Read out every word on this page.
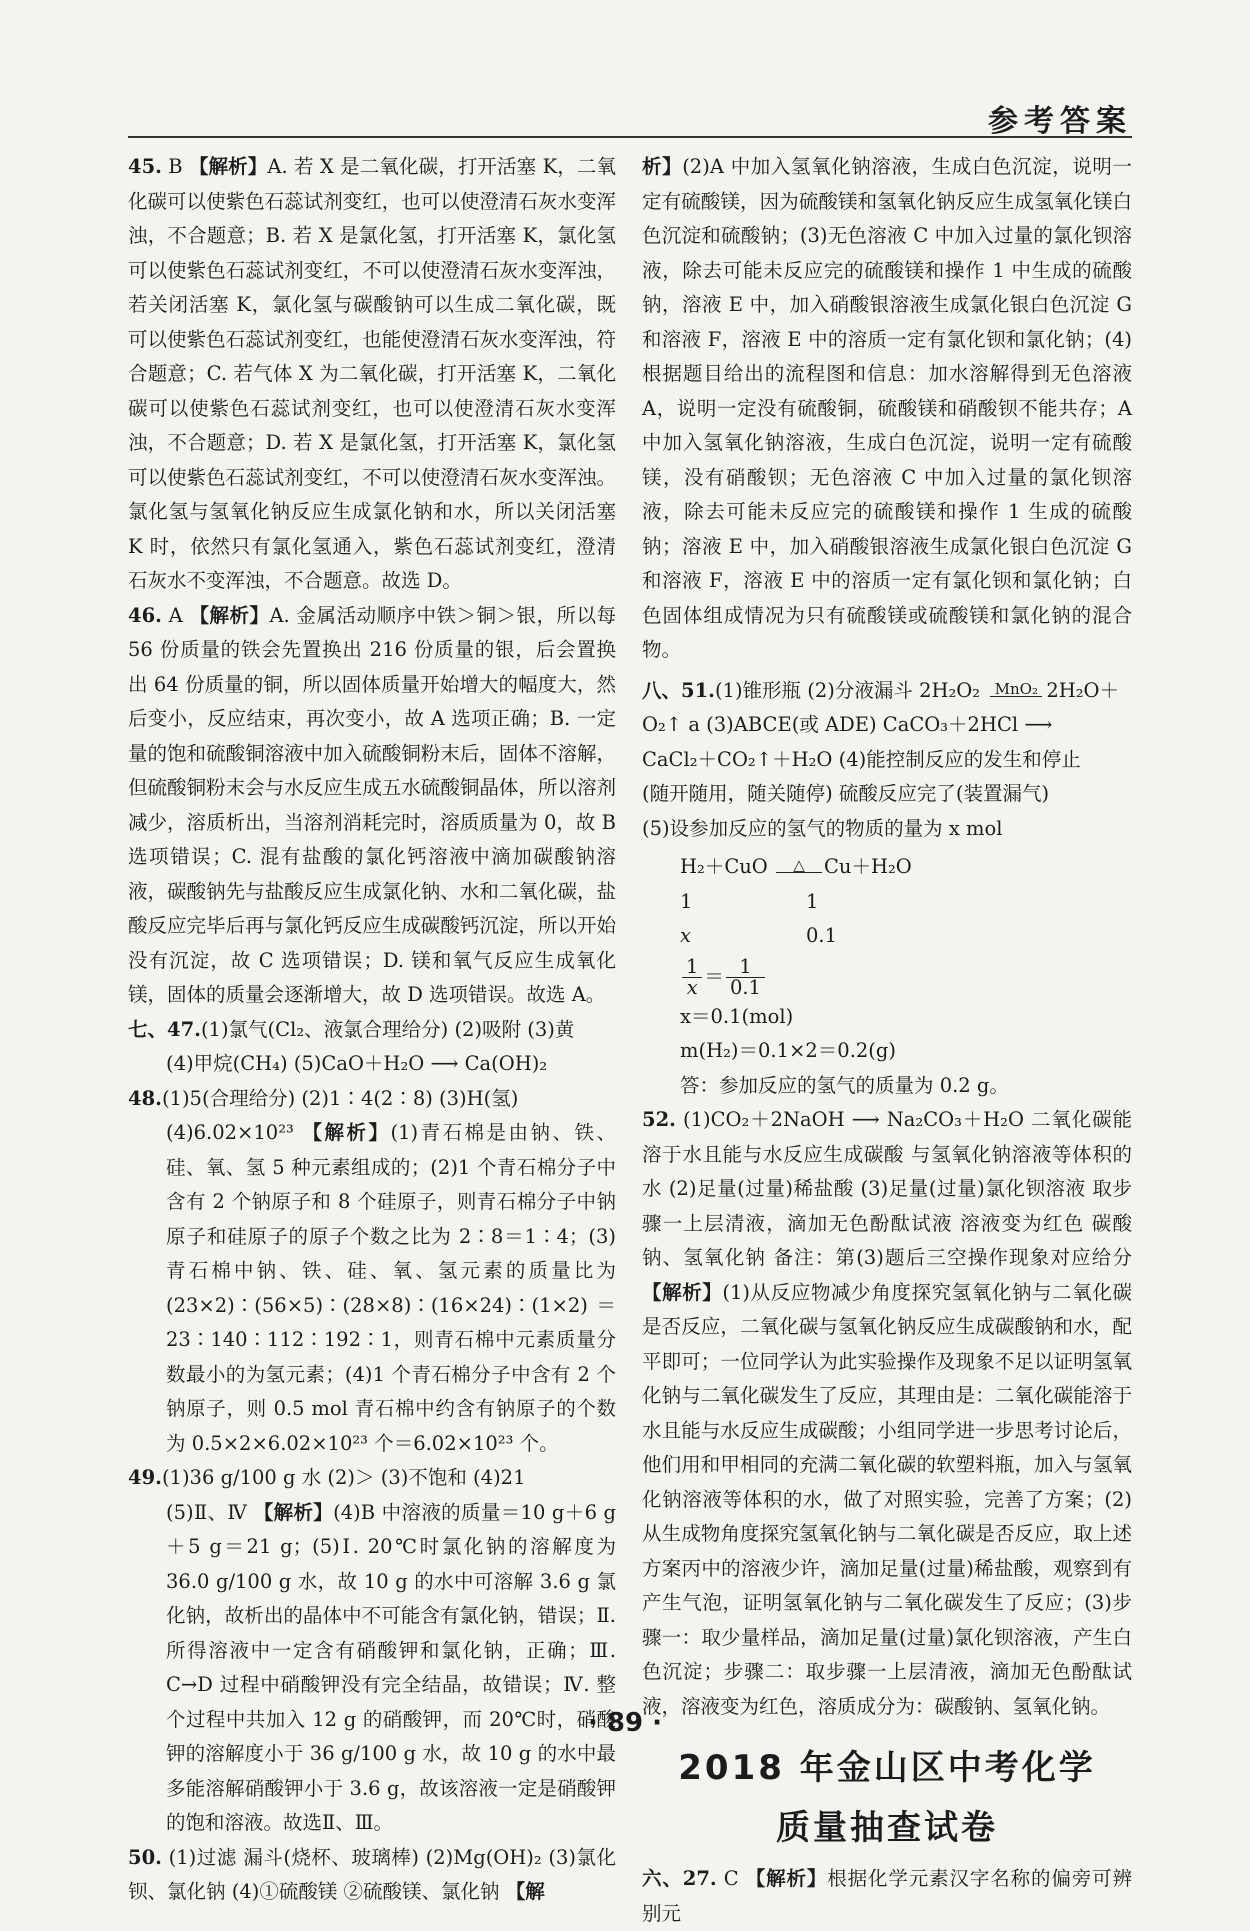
参考答案
45. B 【解析】A. 若 X 是二氧化碳，打开活塞 K，二氧化碳可以使紫色石蕊试剂变红，也可以使澄清石灰水变浑浊，不合题意；B. 若 X 是氯化氢，打开活塞 K，氯化氢可以使紫色石蕊试剂变红，不可以使澄清石灰水变浑浊，若关闭活塞 K，氯化氢与碳酸钠可以生成二氧化碳，既可以使紫色石蕊试剂变红，也能使澄清石灰水变浑浊，符合题意；C. 若气体 X 为二氧化碳，打开活塞 K，二氧化碳可以使紫色石蕊试剂变红，也可以使澄清石灰水变浑浊，不合题意；D. 若 X 是氯化氢，打开活塞 K，氯化氢可以使紫色石蕊试剂变红，不可以使澄清石灰水变浑浊。氯化氢与氢氧化钠反应生成氯化钠和水，所以关闭活塞 K 时，依然只有氯化氢通入，紫色石蕊试剂变红，澄清石灰水不变浑浊，不合题意。故选 D。
46. A 【解析】A. 金属活动顺序中铁＞铜＞银，所以每 56 份质量的铁会先置换出 216 份质量的银，后会置换出 64 份质量的铜，所以固体质量开始增大的幅度大，然后变小，反应结束，再次变小，故 A 选项正确；B. 一定量的饱和硫酸铜溶液中加入硫酸铜粉末后，固体不溶解，但硫酸铜粉末会与水反应生成五水硫酸铜晶体，所以溶剂减少，溶质析出，当溶剂消耗完时，溶质质量为 0，故 B 选项错误；C. 混有盐酸的氯化钙溶液中滴加碳酸钠溶液，碳酸钠先与盐酸反应生成氯化钠、水和二氧化碳，盐酸反应完毕后再与氯化钙反应生成碳酸钙沉淀，所以开始没有沉淀，故 C 选项错误；D. 镁和氧气反应生成氧化镁，固体的质量会逐渐增大，故 D 选项错误。故选 A。

七、47.(1)氯气(Cl₂、液氯合理给分) (2)吸附 (3)黄

(4)甲烷(CH₄) (5)CaO＋H₂O ⟶ Ca(OH)₂

48.(1)5(合理给分) (2)1∶4(2∶8) (3)H(氢)

(4)6.02×10²³ 【解析】(1)青石棉是由钠、铁、硅、氧、氢 5 种元素组成的；(2)1 个青石棉分子中含有 2 个钠原子和 8 个硅原子，则青石棉分子中钠原子和硅原子的原子个数之比为 2∶8＝1∶4；(3)青石棉中钠、铁、硅、氧、氢元素的质量比为(23×2)∶(56×5)∶(28×8)∶(16×24)∶(1×2)＝23∶140∶112∶192∶1，则青石棉中元素质量分数最小的为氢元素；(4)1 个青石棉分子中含有 2 个钠原子，则 0.5 mol 青石棉中约含有钠原子的个数为 0.5×2×6.02×10²³ 个＝6.02×10²³ 个。

49.(1)36 g/100 g 水 (2)＞ (3)不饱和 (4)21

(5)Ⅱ、Ⅳ 【解析】(4)B 中溶液的质量＝10 g＋6 g＋5 g＝21 g；(5)Ⅰ. 20℃时氯化钠的溶解度为 36.0 g/100 g 水，故 10 g 的水中可溶解 3.6 g 氯化钠，故析出的晶体中不可能含有氯化钠，错误；Ⅱ. 所得溶液中一定含有硝酸钾和氯化钠，正确；Ⅲ. C→D 过程中硝酸钾没有完全结晶，故错误；Ⅳ. 整个过程中共加入 12 g 的硝酸钾，而 20℃时，硝酸钾的溶解度小于 36 g/100 g 水，故 10 g 的水中最多能溶解硝酸钾小于 3.6 g，故该溶液一定是硝酸钾的饱和溶液。故选Ⅱ、Ⅲ。

50. (1)过滤 漏斗(烧杯、玻璃棒) (2)Mg(OH)₂ (3)氯化钡、氯化钠 (4)①硫酸镁 ②硫酸镁、氯化钠 【解
析】(2)A 中加入氢氧化钠溶液，生成白色沉淀，说明一定有硫酸镁，因为硫酸镁和氢氧化钠反应生成氢氧化镁白色沉淀和硫酸钠；(3)无色溶液 C 中加入过量的氯化钡溶液，除去可能未反应完的硫酸镁和操作 1 中生成的硫酸钠，溶液 E 中，加入硝酸银溶液生成氯化银白色沉淀 G 和溶液 F，溶液 E 中的溶质一定有氯化钡和氯化钠；(4)根据题目给出的流程图和信息：加水溶解得到无色溶液 A，说明一定没有硫酸铜，硫酸镁和硝酸钡不能共存；A 中加入氢氧化钠溶液，生成白色沉淀，说明一定有硫酸镁，没有硝酸钡；无色溶液 C 中加入过量的氯化钡溶液，除去可能未反应完的硫酸镁和操作 1 生成的硫酸钠；溶液 E 中，加入硝酸银溶液生成氯化银白色沉淀 G 和溶液 F，溶液 E 中的溶质一定有氯化钡和氯化钠；白色固体组成情况为只有硫酸镁或硫酸镁和氯化钠的混合物。

八、51.(1)锥形瓶 (2)分液漏斗 2H₂O₂ MnO₂ 2H₂O＋

O₂↑ a (3)ABCE(或 ADE) CaCO₃＋2HCl ⟶

CaCl₂＋CO₂↑＋H₂O (4)能控制反应的发生和停止

(随开随用，随关随停) 硫酸反应完了(装置漏气)

(5)设参加反应的氢气的物质的量为 x mol

H₂＋CuO	△ Cu＋H₂O

1	1

x	0.1

$\frac{1}{x} = \frac{1}{0.1}$

x＝0.1(mol)

m(H₂)＝0.1×2＝0.2(g)

答：参加反应的氢气的质量为 0.2 g。

52. (1)CO₂＋2NaOH ⟶ Na₂CO₃＋H₂O 二氧化碳能溶于水且能与水反应生成碳酸 与氢氧化钠溶液等体积的水 (2)足量(过量)稀盐酸 (3)足量(过量)氯化钡溶液 取步骤一上层清液，滴加无色酚酞试液 溶液变为红色 碳酸钠、氢氧化钠 备注：第(3)题后三空操作现象对应给分 【解析】(1)从反应物减少角度探究氢氧化钠与二氧化碳是否反应，二氧化碳与氢氧化钠反应生成碳酸钠和水，配平即可；一位同学认为此实验操作及现象不足以证明氢氧化钠与二氧化碳发生了反应，其理由是：二氧化碳能溶于水且能与水反应生成碳酸；小组同学进一步思考讨论后，他们用和甲相同的充满二氧化碳的软塑料瓶，加入与氢氧化钠溶液等体积的水，做了对照实验，完善了方案；(2)从生成物角度探究氢氧化钠与二氧化碳是否反应，取上述方案丙中的溶液少许，滴加足量(过量)稀盐酸，观察到有产生气泡，证明氢氧化钠与二氧化碳发生了反应；(3)步骤一：取少量样品，滴加足量(过量)氯化钡溶液，产生白色沉淀；步骤二：取步骤一上层清液，滴加无色酚酞试液，溶液变为红色，溶质成分为：碳酸钠、氢氧化钠。
2018 年金山区中考化学
质量抽查试卷
六、27. C 【解析】根据化学元素汉字名称的偏旁可辨别元
· 89 ·
